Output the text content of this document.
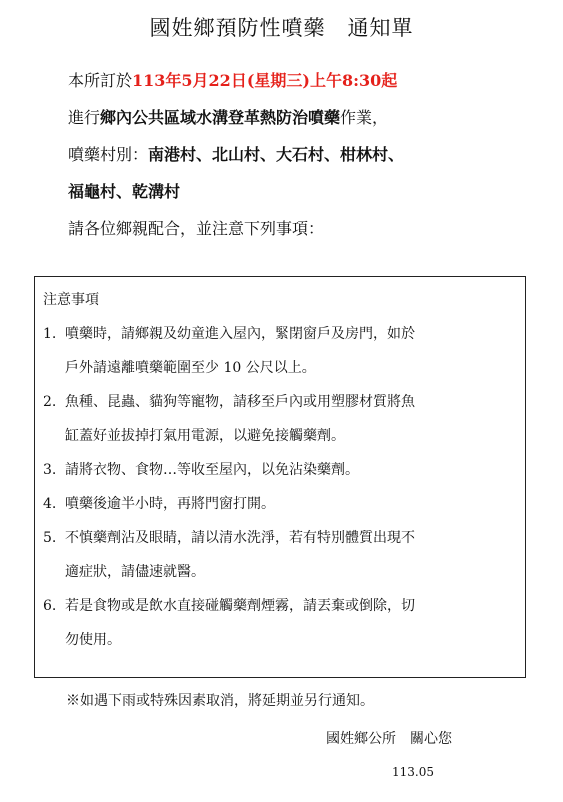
國姓鄉預防性噴藥　通知單
本所訂於113年5月22日(星期三)上午8:30起
進行鄉內公共區域水溝登革熱防治噴藥作業，
噴藥村別：南港村、北山村、大石村、柑林村、
福龜村、乾溝村
請各位鄉親配合，並注意下列事項：
注意事項
1. 噴藥時，請鄉親及幼童進入屋內，緊閉窗戶及房門，如於
戶外請遠離噴藥範圍至少 10 公尺以上。
2. 魚種、昆蟲、貓狗等寵物，請移至戶內或用塑膠材質將魚
缸蓋好並拔掉打氣用電源，以避免接觸藥劑。
3. 請將衣物、食物…等收至屋內，以免沾染藥劑。
4. 噴藥後逾半小時，再將門窗打開。
5. 不慎藥劑沾及眼睛，請以清水洗淨，若有特別體質出現不
適症狀，請儘速就醫。
6. 若是食物或是飲水直接碰觸藥劑煙霧，請丟棄或倒除，切
勿使用。
※如遇下雨或特殊因素取消，將延期並另行通知。
國姓鄉公所　關心您
113.05
